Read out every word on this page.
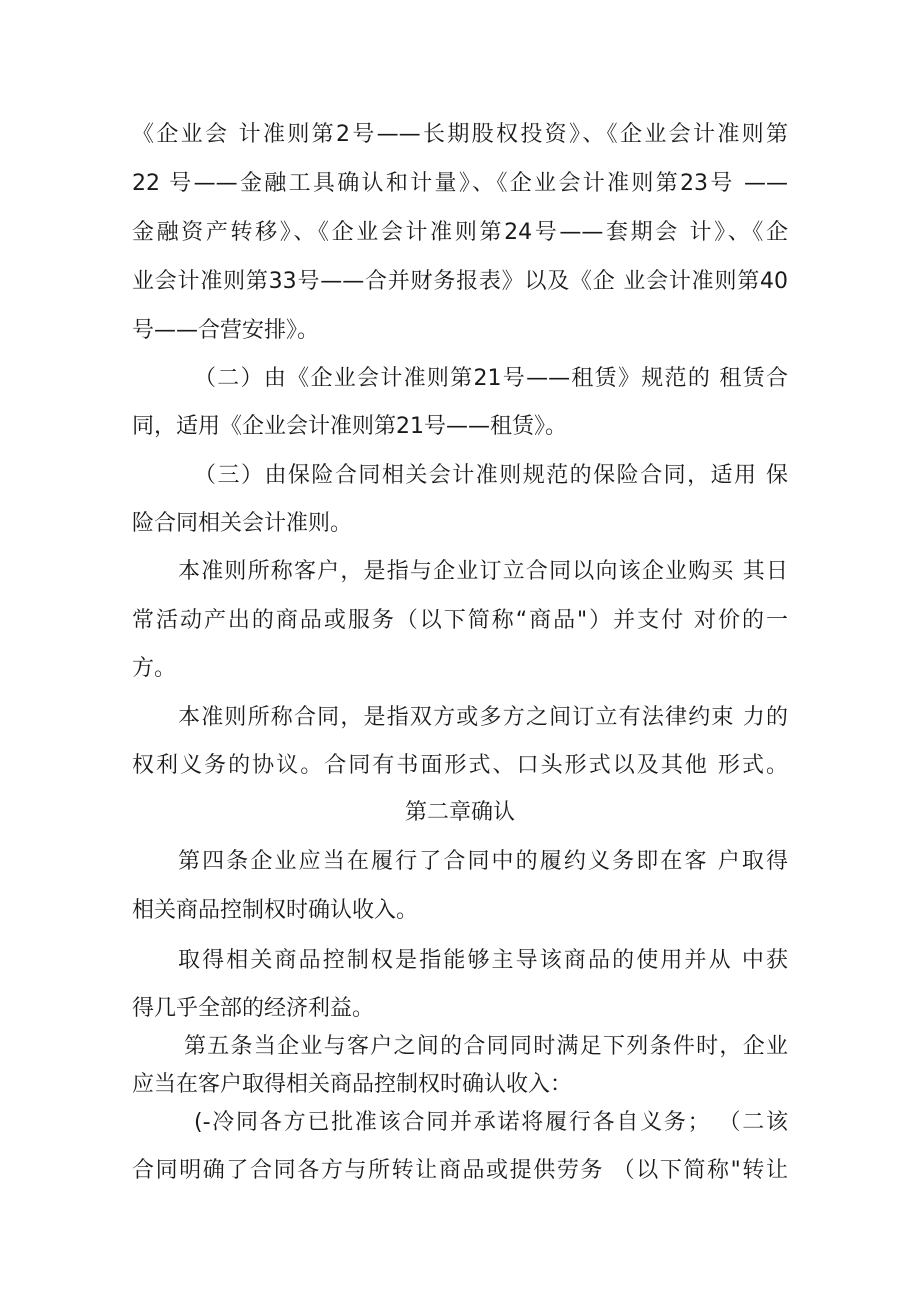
《企业会 计准则第2号——长期股权投资》、《企业会计准则第
22 号——金融工具确认和计量》、《企业会计准则第23号 ——
金融资产转移》、《企业会计准则第24号——套期会 计》、《企
业会计准则第33号——合并财务报表》以及《企 业会计准则第40
号——合营安排》。
（二）由《企业会计准则第21号——租赁》规范的 租赁合
同，适用《企业会计准则第21号——租赁》。
（三）由保险合同相关会计准则规范的保险合同，适用 保
险合同相关会计准则。
本准则所称客户，是指与企业订立合同以向该企业购买 其日
常活动产出的商品或服务（以下简称“商品"）并支付 对价的一
方。
本准则所称合同，是指双方或多方之间订立有法律约束 力的
权利义务的协议。合同有书面形式、口头形式以及其他 形式。
第二章确认
第四条企业应当在履行了合同中的履约义务即在客 户取得
相关商品控制权时确认收入。
取得相关商品控制权是指能够主导该商品的使用并从 中获
得几乎全部的经济利益。
第五条当企业与客户之间的合同同时满足下列条件时，企业
应当在客户取得相关商品控制权时确认收入：
(-冷同各方已批准该合同并承诺将履行各自义务； （二该
合同明确了合同各方与所转让商品或提供劳务 （以下简称"转让
